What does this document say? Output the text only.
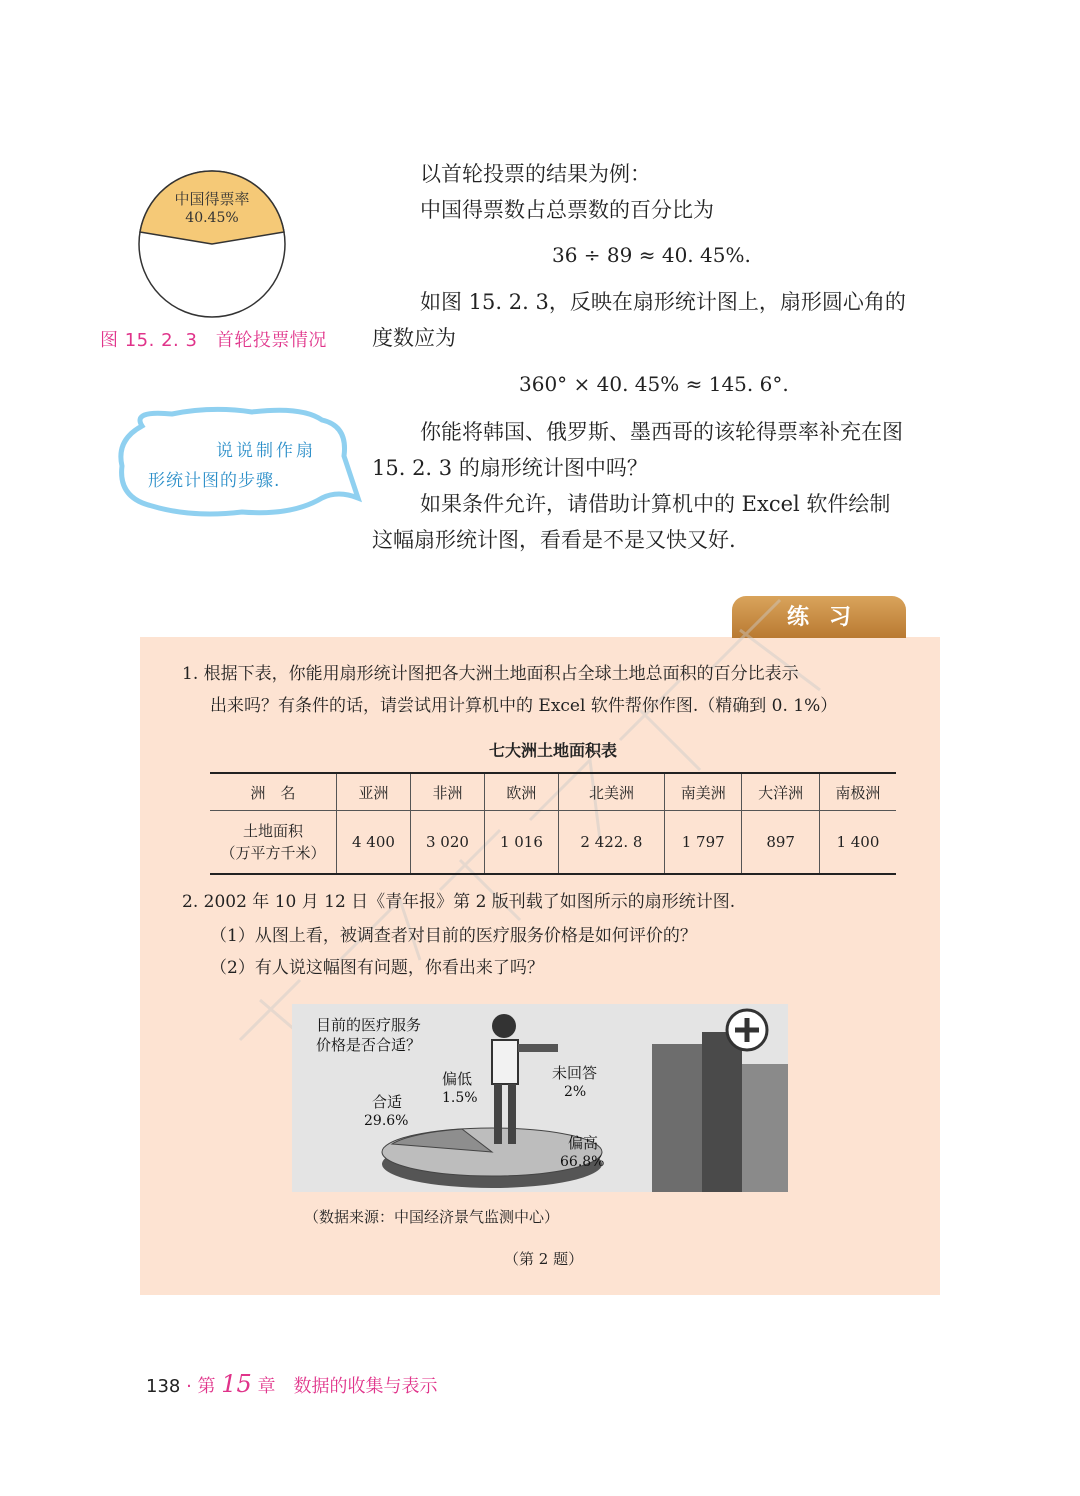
中国得票率
40.45%
图 15. 2. 3　首轮投票情况
以首轮投票的结果为例：
中国得票数占总票数的百分比为
36 ÷ 89 ≈ 40. 45%.
如图 15. 2. 3，反映在扇形统计图上，扇形圆心角的
度数应为
360° × 40. 45% ≈ 145. 6°.
你能将韩国、俄罗斯、墨西哥的该轮得票率补充在图
15. 2. 3 的扇形统计图中吗？
如果条件允许，请借助计算机中的 Excel 软件绘制
这幅扇形统计图，看看是不是又快又好.
说说制作扇
形统计图的步骤.
练习
1. 根据下表，你能用扇形统计图把各大洲土地面积占全球土地总面积的百分比表示
出来吗？有条件的话，请尝试用计算机中的 Excel 软件帮你作图.（精确到 0. 1%）
七大洲土地面积表
洲　名	亚洲	非洲	欧洲	北美洲	南美洲	大洋洲	南极洲
土地面积
（万平方千米）	4 400	3 020	1 016	2 422. 8	1 797	897	1 400
2. 2002 年 10 月 12 日《青年报》第 2 版刊载了如图所示的扇形统计图.
（1）从图上看，被调查者对目前的医疗服务价格是如何评价的？
（2）有人说这幅图有问题，你看出来了吗？
目前的医疗服务
价格是否合适？
偏低
1.5%
合适
29.6%
未回答
2%
偏高
66.8%
（数据来源：中国经济景气监测中心）
（第 2 题）
138 · 第 15 章　数据的收集与表示
